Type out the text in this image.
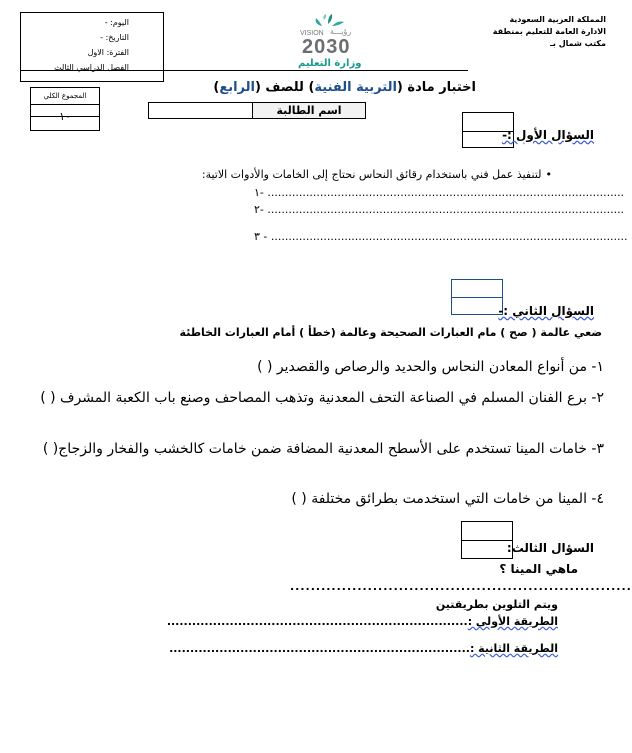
المملكة العربية السعودية
الادارة العامة للتعليم بمنطقة
مكتب شمال بـ
VISION رؤيـــة
2030
وزارة التعليم
اليوم: -
التاريخ: -
الفترة: الاول
الفصل الدراسي الثالث
المجموع الكلي
١٠
اختبار مادة (التربية الفنية) للصف (الرابع)
اسم الطالبة
السؤال الأول :-
•لتنفيذ عمل فني باستخدام رقائق النحاس نحتاج إلى الخامات والأدوات الاتية:
١- ......................................................................................................
٢- ......................................................................................................
٣ - ......................................................................................................
السؤال الثاني :-
ضعي عالمة ( صح ) مام العبارات الصحيحة وعالمة (خطأ ) أمام العبارات الخاطئة
١- من أنواع المعادن النحاس والحديد والرصاص والقصدير ( )
٢- برع الفنان المسلم في الصناعة التحف المعدنية وتذهب المصاحف وصنع باب الكعبة المشرف ( )
٣- خامات المينا تستخدم على الأسطح المعدنية المضافة ضمن خامات كالخشب والفخار والزجاج( )
٤- المينا من خامات التي استخدمت بطرائق مختلفة ( )
السؤال الثالث:
ماهي المينا ؟
..................................................................
ويتم التلوين بطريقتين
الطريقة الأولى :........................................................................
الطريقة الثانية :........................................................................
